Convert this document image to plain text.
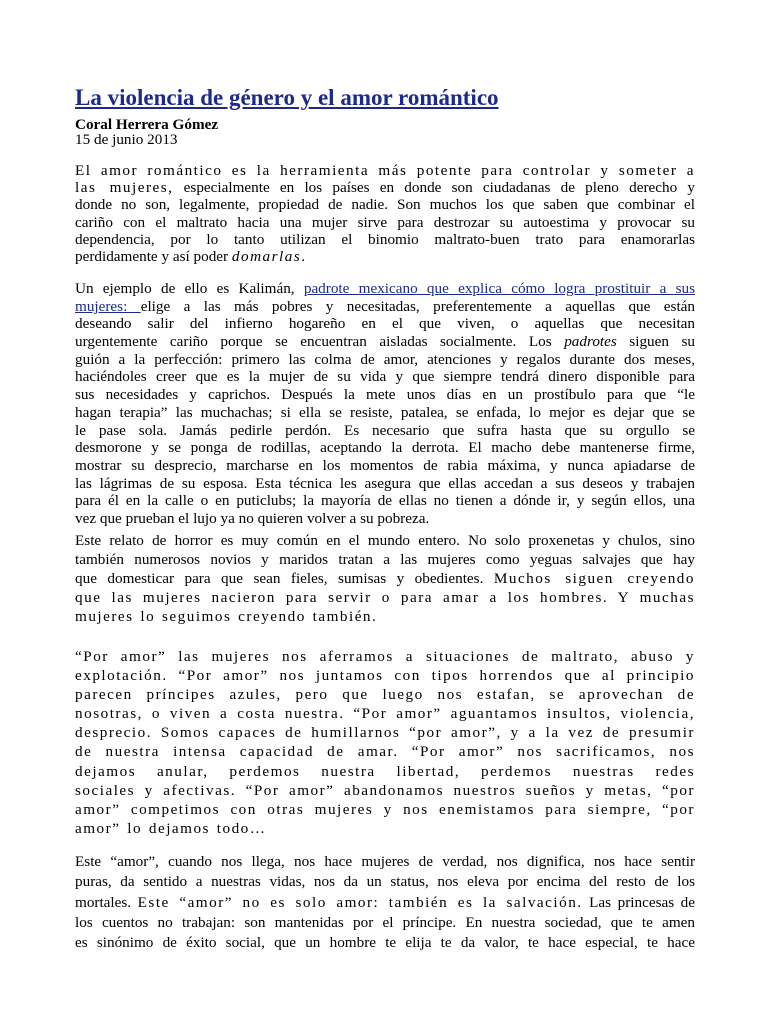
La violencia de género y el amor romántico
Coral Herrera Gómez
15 de junio 2013
El amor romántico es la herramienta más potente para controlar y someter a
las mujeres, especialmente en los países en donde son ciudadanas de pleno derecho y
donde no son, legalmente, propiedad de nadie. Son muchos los que saben que combinar el
cariño con el maltrato hacia una mujer sirve para destrozar su autoestima y provocar su
dependencia, por lo tanto utilizan el binomio maltrato-buen trato para enamorarlas
perdidamente y así poder domarlas.
Un ejemplo de ello es Kalimán, padrote mexicano que explica cómo logra prostituir a sus
mujeres: elige a las más pobres y necesitadas, preferentemente a aquellas que están
deseando salir del infierno hogareño en el que viven, o aquellas que necesitan
urgentemente cariño porque se encuentran aisladas socialmente. Los padrotes siguen su
guión a la perfección: primero las colma de amor, atenciones y regalos durante dos meses,
haciéndoles creer que es la mujer de su vida y que siempre tendrá dinero disponible para
sus necesidades y caprichos. Después la mete unos días en un prostíbulo para que “le
hagan terapia” las muchachas; si ella se resiste, patalea, se enfada, lo mejor es dejar que se
le pase sola. Jamás pedirle perdón. Es necesario que sufra hasta que su orgullo se
desmorone y se ponga de rodillas, aceptando la derrota. El macho debe mantenerse firme,
mostrar su desprecio, marcharse en los momentos de rabia máxima, y nunca apiadarse de
las lágrimas de su esposa. Esta técnica les asegura que ellas accedan a sus deseos y trabajen
para él en la calle o en puticlubs; la mayoría de ellas no tienen a dónde ir, y según ellos, una
vez que prueban el lujo ya no quieren volver a su pobreza.
Este relato de horror es muy común en el mundo entero. No solo proxenetas y chulos, sino
también numerosos novios y maridos tratan a las mujeres como yeguas salvajes que hay
que domesticar para que sean fieles, sumisas y obedientes. Muchos siguen creyendo
que las mujeres nacieron para servir o para amar a los hombres. Y muchas
mujeres lo seguimos creyendo también.
“Por amor” las mujeres nos aferramos a situaciones de maltrato, abuso y
explotación. “Por amor” nos juntamos con tipos horrendos que al principio
parecen príncipes azules, pero que luego nos estafan, se aprovechan de
nosotras, o viven a costa nuestra. “Por amor” aguantamos insultos, violencia,
desprecio. Somos capaces de humillarnos “por amor”, y a la vez de presumir
de nuestra intensa capacidad de amar. “Por amor” nos sacrificamos, nos
dejamos anular, perdemos nuestra libertad, perdemos nuestras redes
sociales y afectivas. “Por amor” abandonamos nuestros sueños y metas, “por
amor” competimos con otras mujeres y nos enemistamos para siempre, “por
amor” lo dejamos todo…
Este “amor”, cuando nos llega, nos hace mujeres de verdad, nos dignifica, nos hace sentir
puras, da sentido a nuestras vidas, nos da un status, nos eleva por encima del resto de los
mortales. Este “amor” no es solo amor: también es la salvación. Las princesas de
los cuentos no trabajan: son mantenidas por el príncipe. En nuestra sociedad, que te amen
es sinónimo de éxito social, que un hombre te elija te da valor, te hace especial, te hace
